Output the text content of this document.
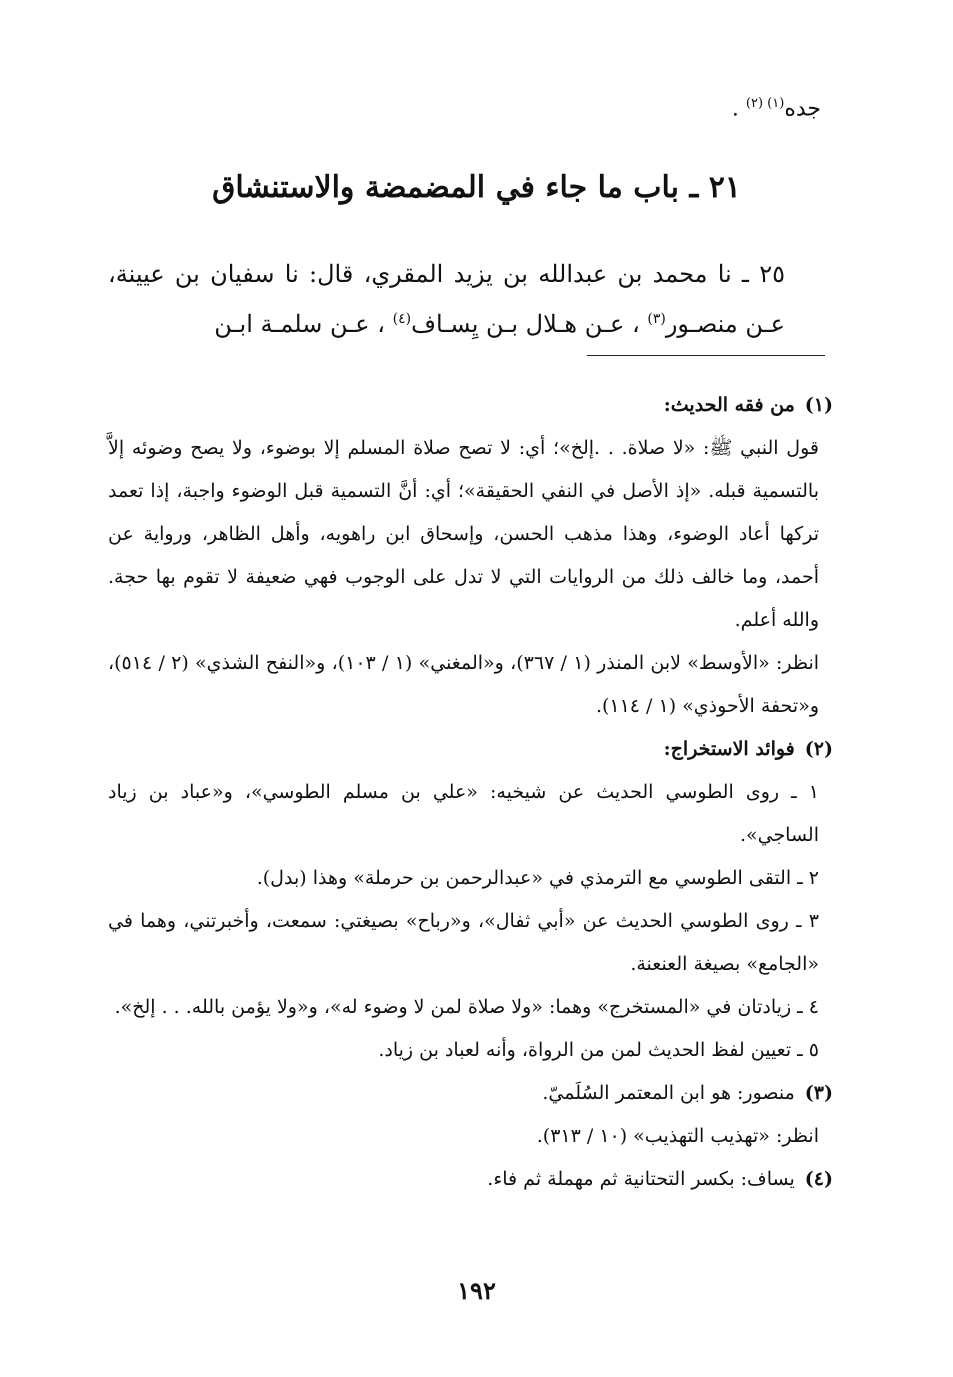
جده$^{(١) (٢)}$ .
٢١ ـ باب ما جاء في المضمضة والاستنشاق

٢٥ ـ نا محمد بن عبدالله بن يزيد المقري، قال: نا سفيان بن عيينة، عـن منصـور$^{(٣)}$ ، عـن هـلال بـن يِسـاف$^{(٤)}$ ، عـن سلمـة ابـن

(١)من فقه الحديث:

قول النبي ﷺ: «لا صلاة. . .إلخ»؛ أي: لا تصح صلاة المسلم إلا بوضوء، ولا يصح وضوئه إلاَّ بالتسمية قبله. «إذ الأصل في النفي الحقيقة»؛ أي: أنَّ التسمية قبل الوضوء واجبة، إذا تعمد تركها أعاد الوضوء، وهذا مذهب الحسن، وإسحاق ابن راهويه، وأهل الظاهر، ورواية عن أحمد، وما خالف ذلك من الروايات التي لا تدل على الوجوب فهي ضعيفة لا تقوم بها حجة. والله أعلم.

انظر: «الأوسط» لابن المنذر (١ / ٣٦٧)، و«المغني» (١ / ١٠٣)، و«النفح الشذي» (٢ / ٥١٤)، و«تحفة الأحوذي» (١ / ١١٤).

(٢)فوائد الاستخراج:

١ ـ روى الطوسي الحديث عن شيخيه: «علي بن مسلم الطوسي»، و«عباد بن زياد الساجي».

٢ ـ التقى الطوسي مع الترمذي في «عبدالرحمن بن حرملة» وهذا (بدل).

٣ ـ روى الطوسي الحديث عن «أبي ثفال»، و«رباح» بصيغتي: سمعت، وأخبرتني، وهما في «الجامع» بصيغة العنعنة.

٤ ـ زيادتان في «المستخرج» وهما: «ولا صلاة لمن لا وضوء له»، و«ولا يؤمن بالله. . . إلخ».

٥ ـ تعيين لفظ الحديث لمن من الرواة، وأنه لعباد بن زياد.

(٣)منصور: هو ابن المعتمر السُلَميّ.

انظر: «تهذيب التهذيب» (١٠ / ٣١٣).

(٤)يساف: بكسر التحتانية ثم مهملة ثم فاء.

١٩٢
